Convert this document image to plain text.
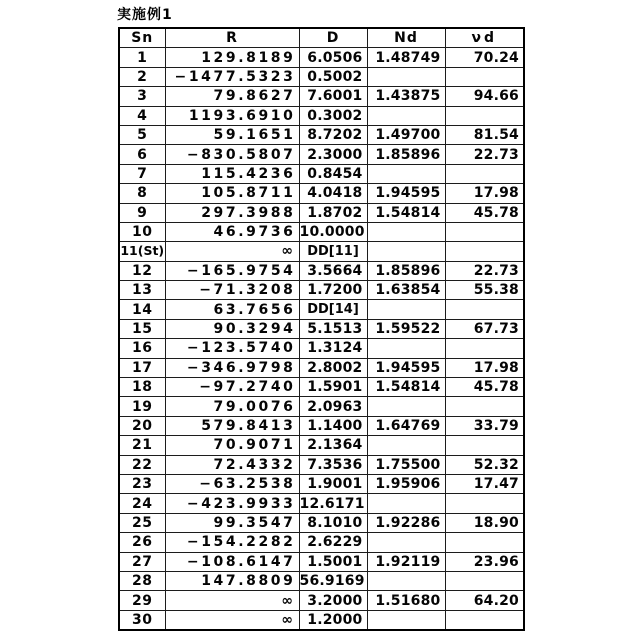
実施例1
Sn	R	D	Nd	νd
1	129.8189	6.0506	1.48749	70.24
2	−1477.5323	0.5002		
3	79.8627	7.6001	1.43875	94.66
4	1193.6910	0.3002		
5	59.1651	8.7202	1.49700	81.54
6	−830.5807	2.3000	1.85896	22.73
7	115.4236	0.8454		
8	105.8711	4.0418	1.94595	17.98
9	297.3988	1.8702	1.54814	45.78
10	46.9736	10.0000		
11(St)	∞	DD[11]		
12	−165.9754	3.5664	1.85896	22.73
13	−71.3208	1.7200	1.63854	55.38
14	63.7656	DD[14]		
15	90.3294	5.1513	1.59522	67.73
16	−123.5740	1.3124		
17	−346.9798	2.8002	1.94595	17.98
18	−97.2740	1.5901	1.54814	45.78
19	79.0076	2.0963		
20	579.8413	1.1400	1.64769	33.79
21	70.9071	2.1364		
22	72.4332	7.3536	1.75500	52.32
23	−63.2538	1.9001	1.95906	17.47
24	−423.9933	12.6171		
25	99.3547	8.1010	1.92286	18.90
26	−154.2282	2.6229		
27	−108.6147	1.5001	1.92119	23.96
28	147.8809	56.9169		
29	∞	3.2000	1.51680	64.20
30	∞	1.2000		
